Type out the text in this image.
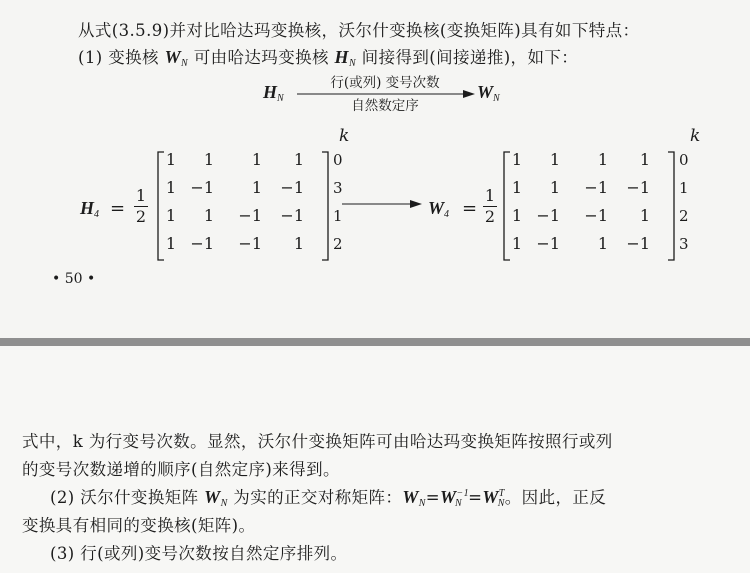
从式(3.5.9)并对比哈达玛变换核，沃尔什变换核(变换矩阵)具有如下特点：
(1) 变换核 $W_N$ 可由哈达玛变换核 $H_N$ 间接得到(间接递推)，如下：
$H_N$
行(或列) 变号次数
自然数定序
$W_N$
$H_4$ =
1
2
1	1	1	1
1 −1	1 −1
1	1 −1 −1
1 −1 −1	1
k
0
3
1
2
$W_4$ =
1
2
1	1	1	1
1	1 −1 −1
1 −1 −1	1
1 −1	1 −1
k
0
1
2
3
• 50 •
式中，k 为行变号次数。显然，沃尔什变换矩阵可由哈达玛变换矩阵按照行或列
的变号次数递增的顺序(自然定序)来得到。
(2) 沃尔什变换矩阵 $W_N$ 为实的正交对称矩阵：$W_N=W^{-1}_N =W^T_N$。因此，正反
变换具有相同的变换核(矩阵)。
(3) 行(或列)变号次数按自然定序排列。
